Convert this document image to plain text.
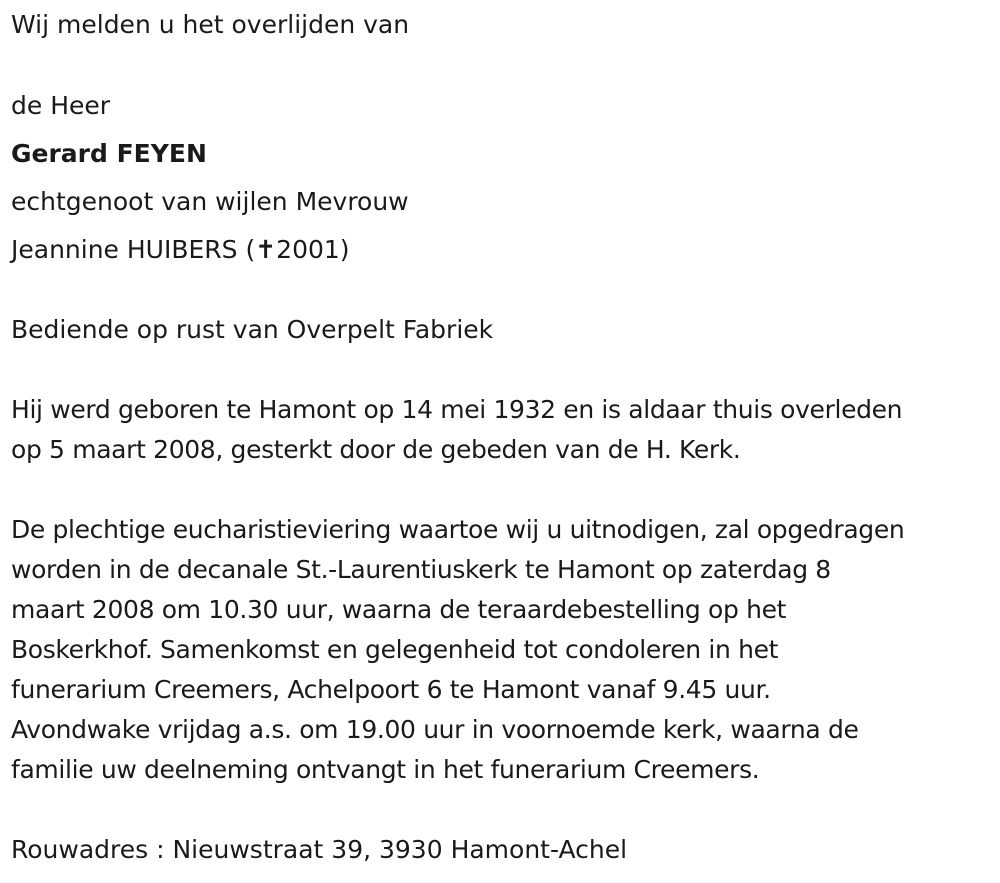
Wij melden u het overlijden van

de Heer

Gerard FEYEN

echtgenoot van wijlen Mevrouw

Jeannine HUIBERS (✝2001)

Bediende op rust van Overpelt Fabriek

Hij werd geboren te Hamont op 14 mei 1932 en is aldaar thuis overleden

op 5 maart 2008, gesterkt door de gebeden van de H. Kerk.

De plechtige eucharistieviering waartoe wij u uitnodigen, zal opgedragen

worden in de decanale St.-Laurentiuskerk te Hamont op zaterdag 8

maart 2008 om 10.30 uur, waarna de teraardebestelling op het

Boskerkhof. Samenkomst en gelegenheid tot condoleren in het

funerarium Creemers, Achelpoort 6 te Hamont vanaf 9.45 uur.

Avondwake vrijdag a.s. om 19.00 uur in voornoemde kerk, waarna de

familie uw deelneming ontvangt in het funerarium Creemers.

Rouwadres : Nieuwstraat 39, 3930 Hamont-Achel
